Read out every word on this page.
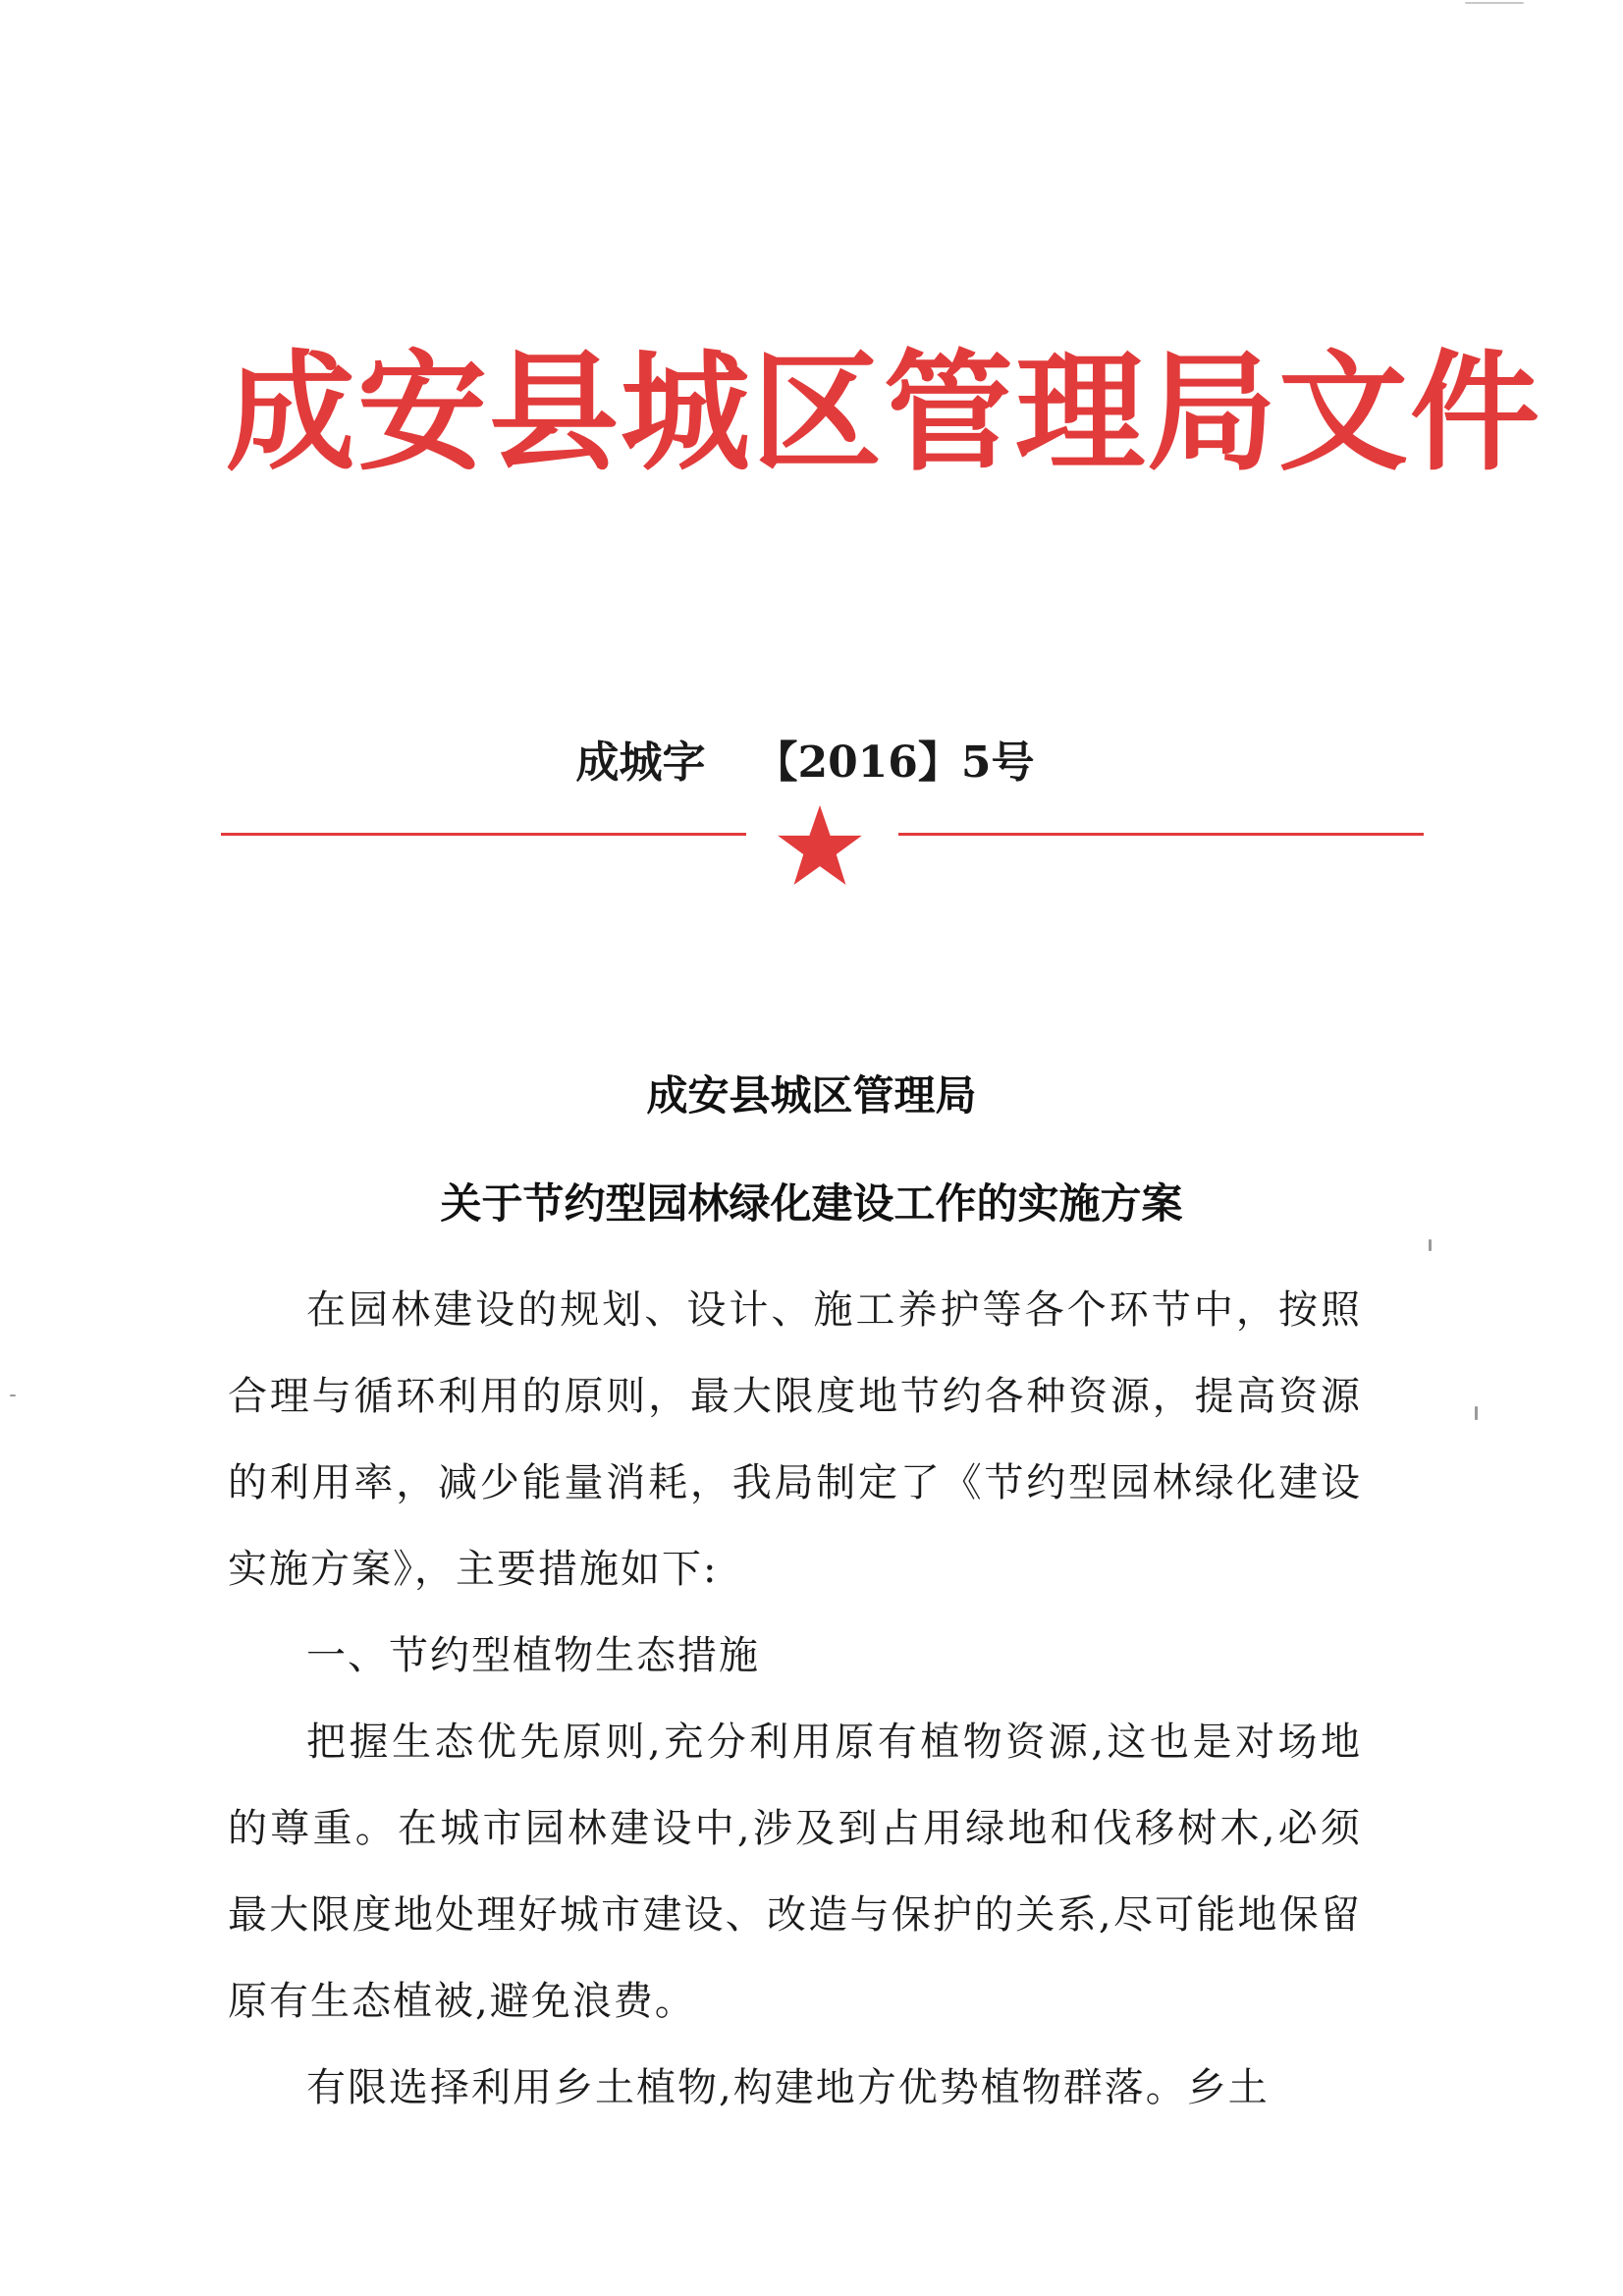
成安县城区管理局文件
成城字 【2016】5号
成安县城区管理局
关于节约型园林绿化建设工作的实施方案

在园林建设的规划、设计、施工养护等各个环节中，按照合理与循环利用的原则，最大限度地节约各种资源，提高资源的利用率，减少能量消耗，我局制定了《节约型园林绿化建设实施方案》，主要措施如下:

一、节约型植物生态措施

把握生态优先原则,充分利用原有植物资源,这也是对场地的尊重。在城市园林建设中,涉及到占用绿地和伐移树木,必须最大限度地处理好城市建设、改造与保护的关系,尽可能地保留原有生态植被,避免浪费。

有限选择利用乡土植物,构建地方优势植物群落。乡土
